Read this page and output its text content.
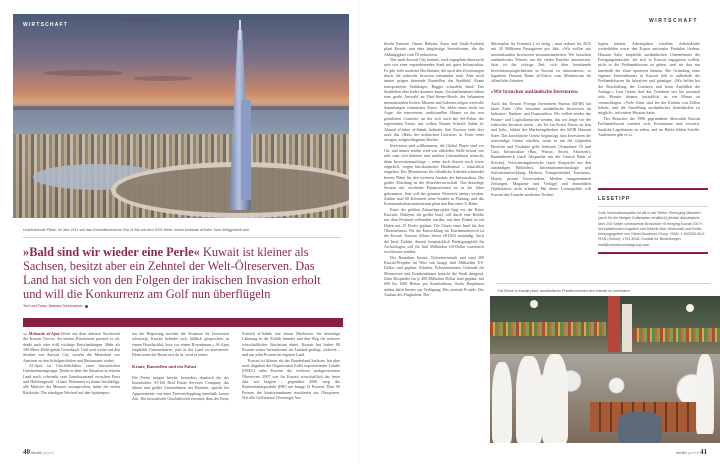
WIRTSCHAFT
Hochtrabende Pläne: Im Jahr 2011 soll das Geschäftszentrum City of Silk mit dem 1001 Meter hohen Mubarak al-Kabir Turm fertiggestellt sein
»Bald sind wir wieder eine Perle« Kuwait ist kleiner als Sachsen, besitzt aber ein Zehntel der Welt-Ölreserven. Das Land hat sich von den Folgen der irakischen Invasion erholt und will die Konkurrenz am Golf nun überflügeln
Text und Fotos: Barbara Schumacher

»» Mubarak al-Ajmi blickt aus dem obersten Stockwerk der Kuwait Towers. An seinem Bürofenster passiert er oft, denkt nach oder trifft wichtige Entscheidungen. Mehr als 100 Meter Höhe geben Geistekraft. Und weit weiter auf den Straßen von Kuwait City wuseln die Menschen wie Ameisen zu den Schulgeschäften und Restaurants vorbei.

Al-Ajmi ist Geschäftsführer einer kuwaitischen Unternehmensgruppe. Denkt er über die Situation in seinem Land nach, schwankt sein Gemütszustand zwischen Frust und Hoffnungsvoll. »Unser Parlament ist damit beschäftigt, alle Minister der Minister zuzusprechen, daher die vielen Rücktritte. Die ständigen Wechsel auf den Spitzenpos-

ten der Regierung machen die Situation für Investoren schwierig. Kuwait befindet sich, bildlich gesprochen, in einem Hauchschlaf, kurz vor einem Rosenbrunn.« Al-Ajmi empfiehlt Unternehmern, jetzt in das Land zu investieren. Denn wenn der Boom erst da ist, wird es teurer.

Krane, Baustellen und ein Palast

Die Preise steigen bereits, besonders drastisch die der Immobilien. Al-Tad Real Estate Services Company, das älteste und größte Unternehmen der Branche, spricht bei Appartements von einer Preisverdopplung innerhalb kurzer Zeit. Die kuwaitische Geschäftswelt erwartet, dass der Emir,

Scheich al-Sabah, mit einem Machtwort die derzeitige Lähmung in der Politik beendet und den Weg für weiteres wirtschaftliches Wachstum ebnet. Kuwait hat bisher 80 Prozent seiner Investitionen im Ausland getätigt, weltweit – und nur zehn Prozent im eigenen Land.

Kuwait ist kleiner als das Bundesland Sachsen, hat aber nach Angaben der Organisation Erdöl exportierender Länder (OPEC) zehn Prozent der weltweit nachgewiesenen Ölreserven. 2007 war für Kuwait wirtschaftlich das beste Jahr seit langem – gegenüber 2006 stieg das Bruttoinlandsprodukt (BIP) um knapp 13 Prozent. Über 90 Prozent der Staatseinnahmen resultieren aus Ölexporten. Wie alle Golfstaaten (Vereinigte Ara-

40 zenith gzwell
WIRTSCHAFT

bische Emirate, Oman, Bahrain, Katar und Saudi-Arabien) plant Kuwait nun aber langfristige Investitionen, die die Abhängigkeit vom Öl reduzieren.

Wer nach Kuwait City kommt, wird zugegeben überrascht sein von einer expandierenden Stadt mit guter Infrastruktur. Es gibt viele moderne Hochhäuser, die nach den Zerstörungen durch die irakische Invasion entstanden sind. Aber noch immer prägen dutzende Baustellen das Stadtbild. Krane transportieren Stahlträger, Bagger schaufeln Sand. Das Stadtleben aber leidet darunter kaum. Geschäftsmänner haben eine große Auswahl an Fünf-Sterne-Hotels der bekannten internationalen Ketten. Museen und Galerien zeigen wertvolle Sammlungen islamischer Kunst. Vor allem eines sticht ins Auge: die renovierten, traditionellen Häuser zu der neu gestalteten Corniche, an der sich auch der Sef-Palast des regierenden Emirs, mit vollem Namen Scheich Sabah al-Ahmad al-Jaber al-Sabah, befindet. Seit Kurzem steht dort auch das »Haus der arabischen Literatur« in Form eines riesigen, aufgeschlagenen Buches.

Investoren sind willkommen, die Global Player sind vor Ort, und immer wieder wird von offizieller Stelle betont, wie sehr man sich kleinere und mittlere Unternehmen wünscht, denn Investitionsaufträge – wenn auch derzeit noch etwas zögerlich, wegen bürokratischer Hindernisse – tatsächlich eingehen. Das Ministerium für öffentliche Arbeiten schmiedet bereits Pläne für den weiteren Ausbau der Infrastruktur. Die größte Abteilung ist die Abwasserwirtschaft. Das derzeitige System mit veralteten Pumpstationen ist in die Jahre gekommen. Jetzt soll das gesamte Netzwerk saniert werden. Zudem sind 60 Kilometer neue Straßen in Planung, und das Kommunikationsministerium plant den Bau einer U-Bahn.

Eines der größten Zukunftsprojekte liegt vor der Küste Kuwaits: Bubiyan, die größte Insel, soll durch eine Brücke mit dem Festland verbunden werden, auf dem Eiland ist ein Hafen mit 25 Docks geplant. Die Vision einer Insel für den Ökotourismus. Für die Entwicklung im Tourismusbereich ist die Kuwait Tourism Affairs Sector (KTAS) zuständig. Auch die Insel Failaka, derzeit hauptsächlich Betätigungsfeld für Archäologen, soll für fünf Milliarden US-Dollar touristisch erschlossen werden.

Der Bausektor boomt. Tiefseeterminals und rund 200 Kuwait-Projekte im Wert von knapp fünf Milliarden US-Dollar sind geplant. Schulen, Polizeistationen, Gebäude für Ministerien und Krankenhäuser braucht die Stadt dringend. Zehn Hospitäler für je 400 Millionen Dollar sind geplant, mit 600 bis 1000 Betten pro Krankenhaus. Sechs Bauphasen stehen dafür bereits zur Verfügung. Das zentrale Projekt: Der Ausbau des Flughafens. Der

Masterplan für Terminal 2 ist fertig – man rechnet bis 2015 mit 20 Millionen Passagieren pro Jahr. »Wir wollen mit internationalen Investoren zusammenarbeiten. Wir brauchen ausländisches Wissen, um die vielen Projekte umzusetzen. Jetzt ist die richtige Zeit, sich über bestehende Investitionsmöglichkeiten in Kuwait zu informieren«, so Ingenieur Hussam Bader al-Tahow vom Ministerium für öffentliche Arbeiten.

»Wir brauchen ausländische Investoren«

Auch das Kuwait Foreign Investment Bureau (KFIB) hat klare Ziele: »Wir brauchen ausländische Investoren im Industrie-, Banken- und Finanzsektor. Wir wollen wieder das Finanz- und Logistikzentrum werden, das wir lange vor der irakischen Invasion waren – als Tor zur Soviet Union, zu Iran und Irak«, erklärt der Marketingdirektor des KFIB Hussain Safer. Das kuwaitische Gesetz begünstigt, dass Investoren die notwendige Lizenz erhalten, wenn es um die folgenden Bereiche und Produkte geht: Industrie (Ausnahme Öl und Gas), Infrastruktur (Bau, Wasser, Strom, Abwasser), Bankenbereich (nach Absprache mit der Central Bank of Kuwait), Versicherungsbereiche (nach Absprache mit den zuständigen Behörden), Informationstechnologie und Softwareentwicklung, Medizin, Transportmittel, Tourismus, Hotels, private Universitäten, Medien (ausgenommen Zeitungen, Magazine und Verlage) und Immobilien (Spekulation nicht erlaubt). Mit dieser Lizenzpolitik will Kuwait den Transfer moderner Techno-

logien stärken, Arbeitsplätze schaffen, Arbeitskräfte weiterbilden sowie den Export nationaler Produkte fördern. Hussain Safer empfiehlt ausländischen Unternehmen der Fertigungsindustrie, die sich in Kuwait engagieren wollen, nicht in die Freihandelszone zu gehen, weil sie dort nur innerhalb der Zone operieren können. Die Gründung eines eigenen Unternehmens in Kuwait hält er außerhalb der Freihandelszone für lukrativer und günstiger. »Wir helfen bei der Beschaffung der Lizenzen und beim Ausfüllen der Anträge.« Laut Gesetz darf das Verfahren vier bis maximal acht Monate dauern, tatsächlich ist ein Monat zu veranschlagen. »Viele Güter sind bei der Einfuhr von Zöllen befreit, und die Anstellung ausländischer Arbeitskräfte ist möglich«, informiert Hussain Safer.

Der Besucher der 1996 gegründeten Sbowaikh Kuwait Freihandelszone wundert sich: Eisenräume sind verwaist, bauliche Lagerhäuser zu sehen, und im Hafen fehlen Schiffe. Andernorts gibt es »»

LESETIPP
Gute Informationsquelle ist die in der Reihe »Emerging Markets« (auch für die übrigen Golfstaaten erhältlich) jährlich aktualisierte, über 200 Seiten umfassende Broschüre »Emerging Kuwait 2007«, mit statistischen Angaben und Artikeln über Wirtschaft und Politik, herausgegeben von Oxford Business Group. ISBN: 1-902339-48-0; ISSN (Online): 1751-3018. Kontakt für Bestellungen:
mail@oxfordbusinessgroup.com
Die Börse in Kuwait plant, ausländische Privatinvestoren den Handel zu erleichtern
zenith gzwell 41
